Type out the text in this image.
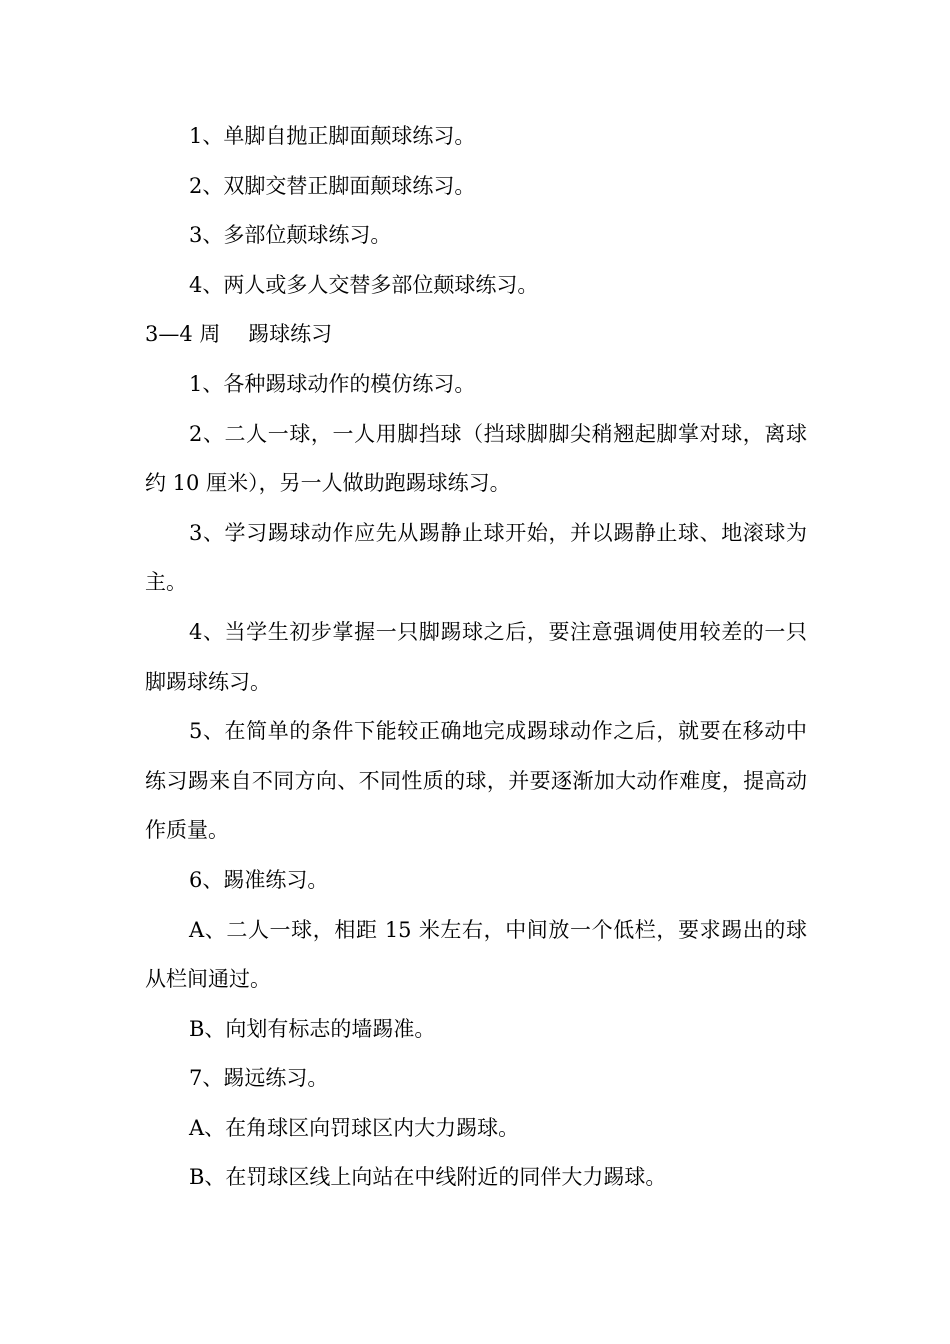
1、单脚自抛正脚面颠球练习。

2、双脚交替正脚面颠球练习。

3、多部位颠球练习。

4、两人或多人交替多部位颠球练习。

3—4 周　 踢球练习

1、各种踢球动作的模仿练习。

2、二人一球，一人用脚挡球（挡球脚脚尖稍翘起脚掌对球，离球约 10 厘米），另一人做助跑踢球练习。

3、学习踢球动作应先从踢静止球开始，并以踢静止球、地滚球为主。

4、当学生初步掌握一只脚踢球之后，要注意强调使用较差的一只脚踢球练习。

5、在简单的条件下能较正确地完成踢球动作之后，就要在移动中练习踢来自不同方向、不同性质的球，并要逐渐加大动作难度，提高动作质量。

6、踢准练习。

A、二人一球，相距 15 米左右，中间放一个低栏，要求踢出的球从栏间通过。

B、向划有标志的墙踢准。

7、踢远练习。

A、在角球区向罚球区内大力踢球。

B、在罚球区线上向站在中线附近的同伴大力踢球。
